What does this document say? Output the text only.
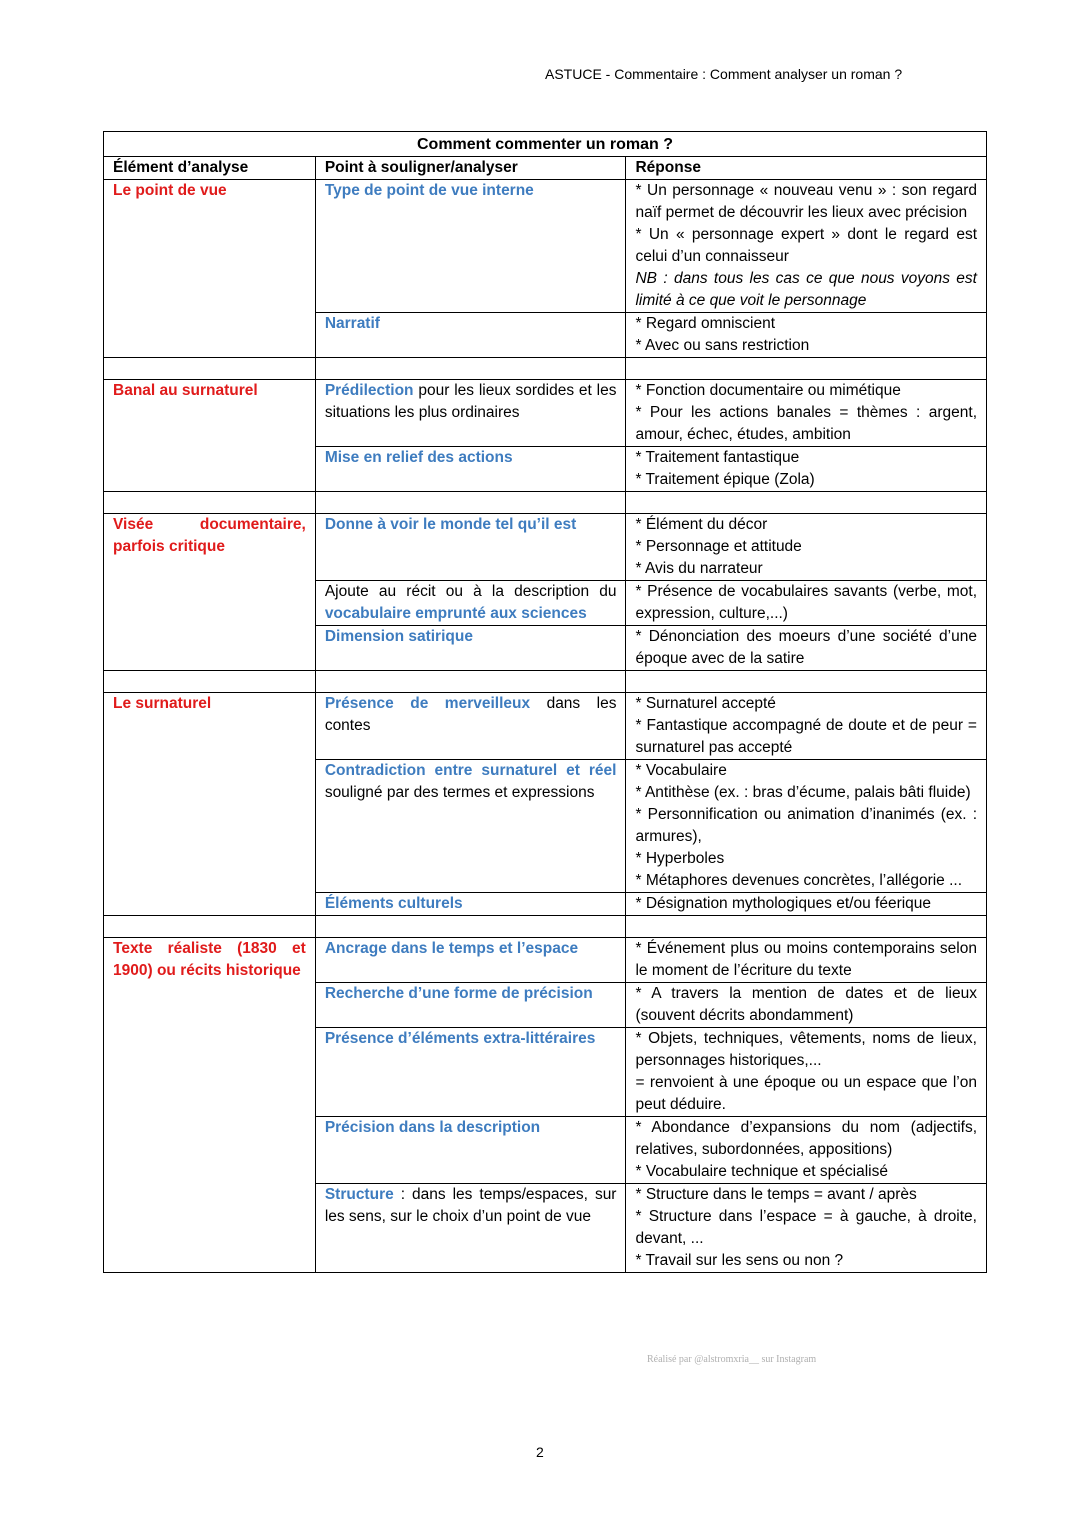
ASTUCE - Commentaire : Comment analyser un roman ?
Comment commenter un roman ?		
Élément d’analyse	Point à souligner/analyser	Réponse
Le point de vue	Type de point de vue interne	* Un personnage « nouveau venu » : son regard naïf permet de découvrir les lieux avec précision
* Un « personnage expert » dont le regard est celui d’un connaisseur
NB : dans tous les cas ce que nous voyons est limité à ce que voit le personnage

	Narratif	* Regard omniscient
* Avec ou sans restriction

Banal au surnaturel	Prédilection pour les lieux sordides et les situations les plus ordinaires	* Fonction documentaire ou mimétique
* Pour les actions banales = thèmes : argent, amour, échec, études, ambition

	Mise en relief des actions	* Traitement fantastique
* Traitement épique (Zola)

Visée documentaire, parfois critique	Donne à voir le monde tel qu’il est	* Élément du décor
* Personnage et attitude
* Avis du narrateur

	Ajoute au récit ou à la description du vocabulaire emprunté aux sciences	* Présence de vocabulaires savants (verbe, mot, expression, culture,...)

	Dimension satirique	* Dénonciation des moeurs d’une société d’une époque avec de la satire

Le surnaturel	Présence de merveilleux dans les contes	* Surnaturel accepté
* Fantastique accompagné de doute et de peur = surnaturel pas accepté

	Contradiction entre surnaturel et réel souligné par des termes et expressions	* Vocabulaire
* Antithèse (ex. : bras d’écume, palais bâti fluide)
* Personnification ou animation d’inanimés (ex. : armures),
* Hyperboles
* Métaphores devenues concrètes, l’allégorie ...

	Éléments culturels	* Désignation mythologiques et/ou féerique

Texte réaliste (1830 et 1900) ou récits historique	Ancrage dans le temps et l’espace	* Événement plus ou moins contemporains selon le moment de l’écriture du texte

	Recherche d’une forme de précision	* A travers la mention de dates et de lieux (souvent décrits abondamment)

	Présence d’éléments extra-littéraires	* Objets, techniques, vêtements, noms de lieux, personnages historiques,...
= renvoient à une époque ou un espace que l’on peut déduire.

	Précision dans la description	* Abondance d’expansions du nom (adjectifs, relatives, subordonnées, appositions)
* Vocabulaire technique et spécialisé

	Structure : dans les temps/espaces, sur les sens, sur le choix d’un point de vue	* Structure dans le temps = avant / après
* Structure dans l’espace = à gauche, à droite, devant, ...
* Travail sur les sens ou non ?
Réalisé par @alstromxria__ sur Instagram
2
